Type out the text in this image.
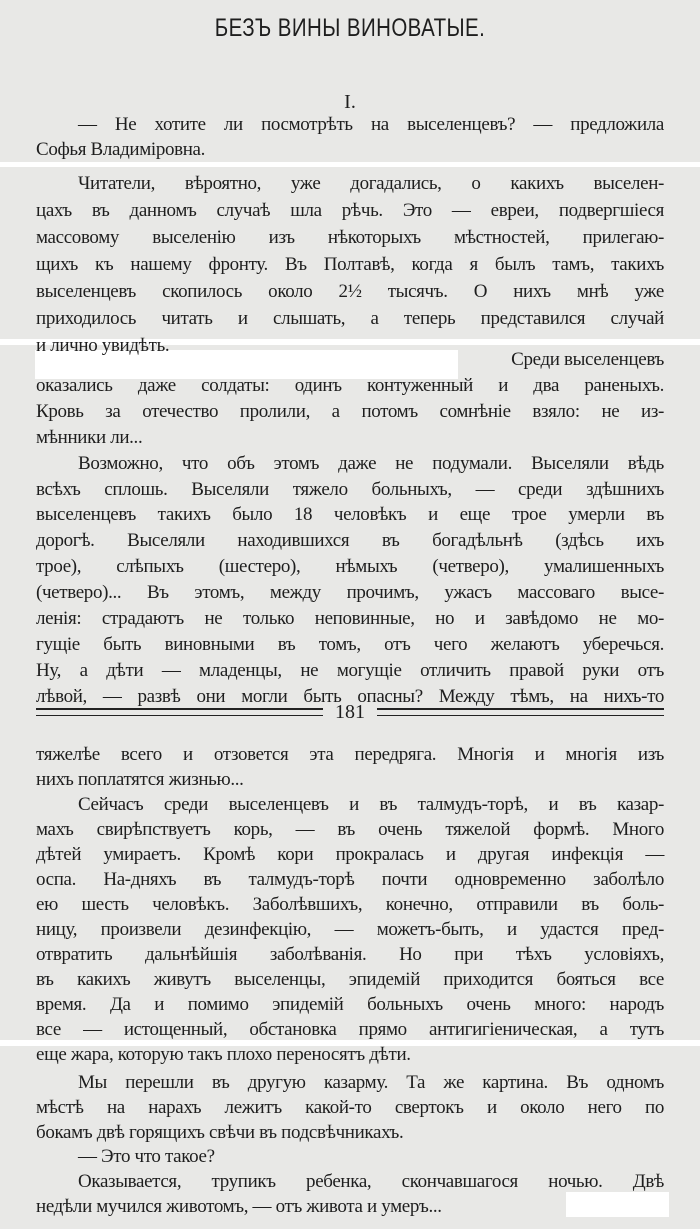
БЕЗЪ ВИНЫ ВИНОВАТЫЕ.
I.
— Не хотите ли посмотрѣть на выселенцевъ? — предложила
Софья Владимiровна.
Читатели, вѣроятно, уже догадались, о какихъ выселен-
цахъ въ данномъ случаѣ шла рѣчь. Это — евреи, подвергшiеся
массовому выселенiю изъ нѣкоторыхъ мѣстностей, прилегаю-
щихъ къ нашему фронту. Въ Полтавѣ, когда я былъ тамъ, такихъ
выселенцевъ скопилось около 2½ тысячъ. О нихъ мнѣ уже
приходилось читать и слышать, а теперь представился случай
и лично увидѣть.
Среди выселенцевъ
оказались даже солдаты: одинъ контуженный и два раненыхъ.
Кровь за отечество пролили, а потомъ сомнѣнiе взяло: не из-
мѣнники ли...
Возможно, что объ этомъ даже не подумали. Выселяли вѣдь
всѣхъ сплошь. Выселяли тяжело больныхъ, — среди здѣшнихъ
выселенцевъ такихъ было 18 человѣкъ и еще трое умерли въ
дорогѣ. Выселяли находившихся въ богадѣльнѣ (здѣсь ихъ
трое), слѣпыхъ (шестеро), нѣмыхъ (четверо), умалишенныхъ
(четверо)... Въ этомъ, между прочимъ, ужасъ массоваго высе-
ленiя: страдаютъ не только неповинные, но и завѣдомо не мо-
гущiе быть виновными въ томъ, отъ чего желаютъ уберечься.
Ну, а дѣти — младенцы, не могущiе отличить правой руки отъ
лѣвой, — развѣ они могли быть опасны? Между тѣмъ, на нихъ-то
тяжелѣе всего и отзовется эта передряга. Многiя и многiя изъ
нихъ поплатятся жизнью...
Сейчасъ среди выселенцевъ и въ талмудъ-торѣ, и въ казар-
махъ свирѣпствуетъ корь, — въ очень тяжелой формѣ. Много
дѣтей умираетъ. Кромѣ кори прокралась и другая инфекцiя —
оспа. На-дняхъ въ талмудъ-торѣ почти одновременно заболѣло
ею шесть человѣкъ. Заболѣвшихъ, конечно, отправили въ боль-
ницу, произвели дезинфекцiю, — можетъ-быть, и удастся пред-
отвратить дальнѣйшiя заболѣванiя. Но при тѣхъ условiяхъ,
въ какихъ живутъ выселенцы, эпидемiй приходится бояться все
время. Да и помимо эпидемiй больныхъ очень много: народъ
все — истощенный, обстановка прямо антигигiеническая, а тутъ
еще жара, которую такъ плохо переносятъ дѣти.
Мы перешли въ другую казарму. Та же картина. Въ одномъ
мѣстѣ на нарахъ лежитъ какой-то свертокъ и около него по
бокамъ двѣ горящихъ свѣчи въ подсвѣчникахъ.
— Это что такое?
Оказывается, трупикъ ребенка, скончавшагося ночью. Двѣ
недѣли мучился животомъ, — отъ живота и умеръ...
181
